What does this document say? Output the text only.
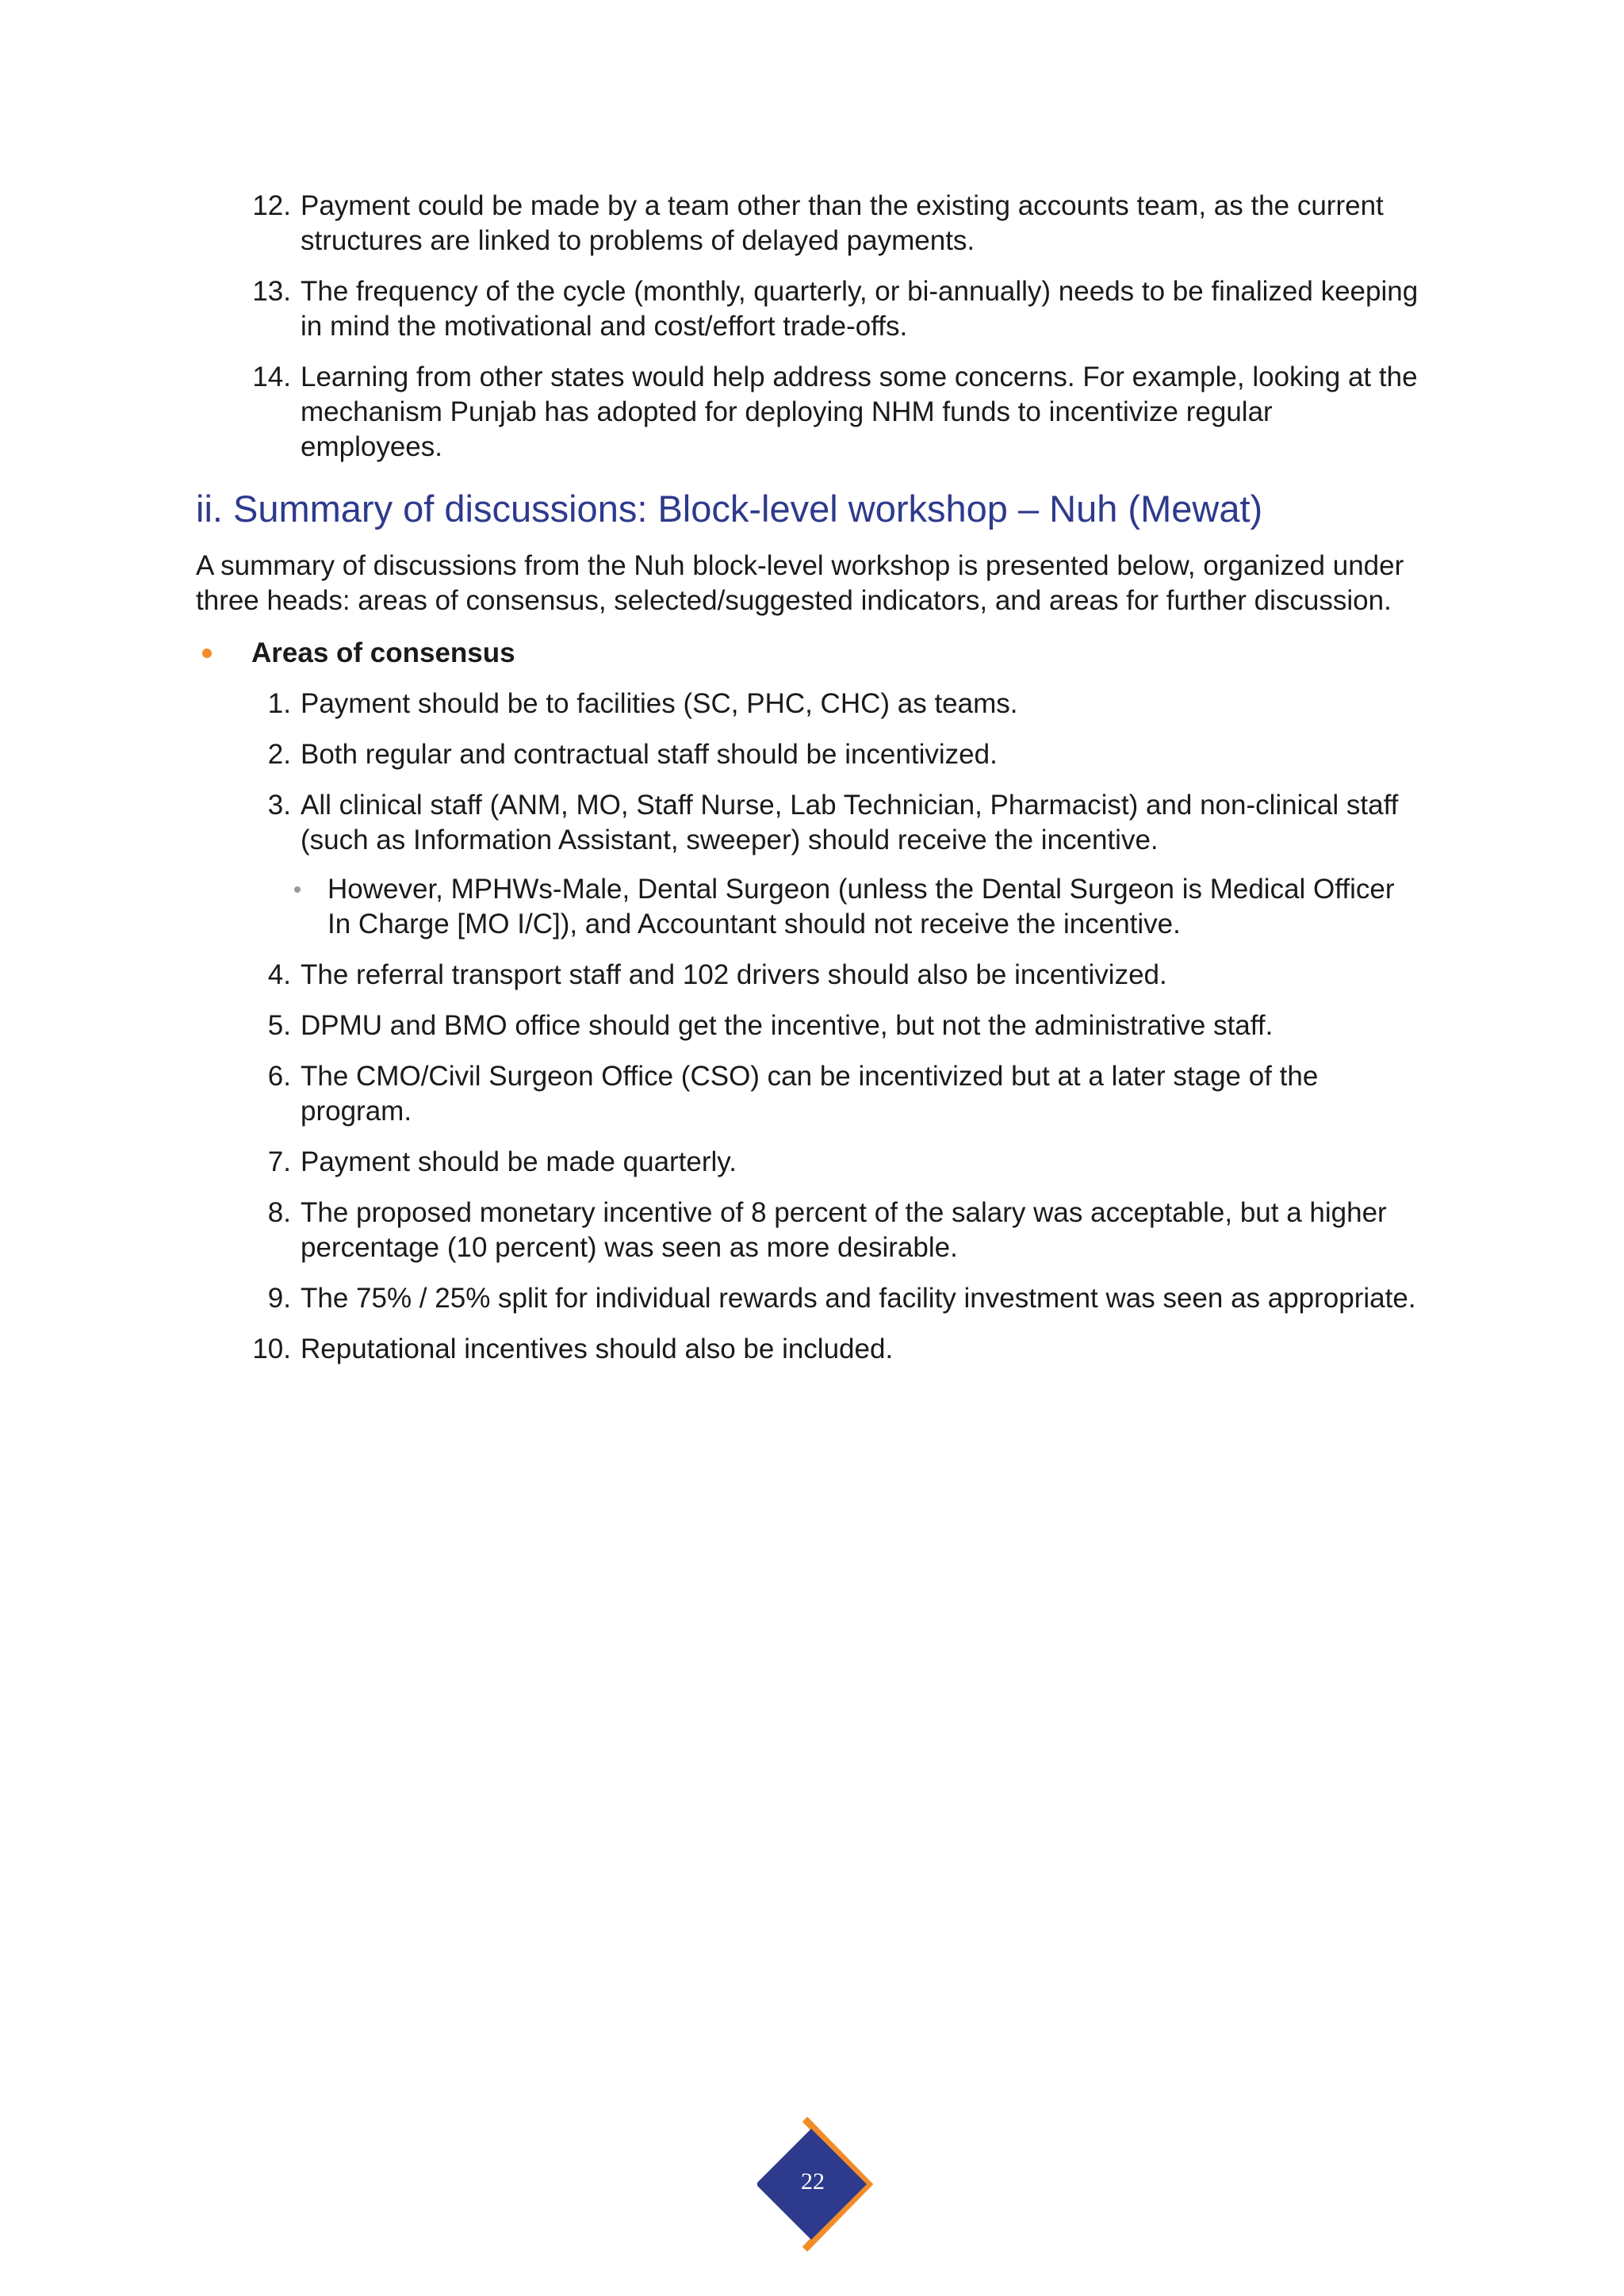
12. Payment could be made by a team other than the existing accounts team, as the current structures are linked to problems of delayed payments.
13. The frequency of the cycle (monthly, quarterly, or bi-annually) needs to be finalized keeping in mind the motivational and cost/effort trade-offs.
14. Learning from other states would help address some concerns. For example, looking at the mechanism Punjab has adopted for deploying NHM funds to incentivize regular employees.
ii. Summary of discussions: Block-level workshop – Nuh (Mewat)

A summary of discussions from the Nuh block-level workshop is presented below, organized under three heads: areas of consensus, selected/suggested indicators, and areas for further discussion.

Areas of consensus
1. Payment should be to facilities (SC, PHC, CHC) as teams.
2. Both regular and contractual staff should be incentivized.
3. All clinical staff (ANM, MO, Staff Nurse, Lab Technician, Pharmacist) and non-clinical staff (such as Information Assistant, sweeper) should receive the incentive.
However, MPHWs-Male, Dental Surgeon (unless the Dental Surgeon is Medical Officer In Charge [MO I/C]), and Accountant should not receive the incentive.
4. The referral transport staff and 102 drivers should also be incentivized.
5. DPMU and BMO office should get the incentive, but not the administrative staff.
6. The CMO/Civil Surgeon Office (CSO) can be incentivized but at a later stage of the program.
7. Payment should be made quarterly.
8. The proposed monetary incentive of 8 percent of the salary was acceptable, but a higher percentage (10 percent) was seen as more desirable.
9. The 75% / 25% split for individual rewards and facility investment was seen as appropriate.
10. Reputational incentives should also be included.
22
